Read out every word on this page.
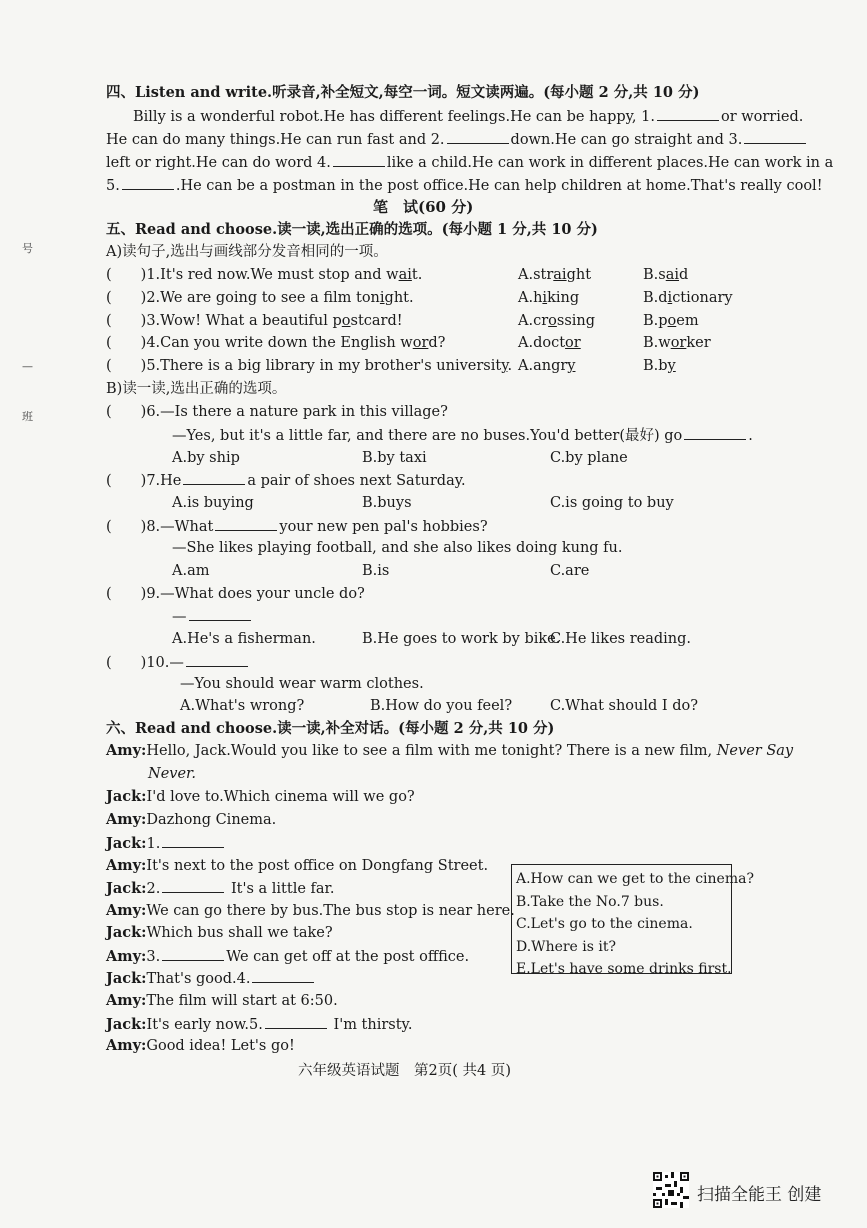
号
—
班
四、Listen and write.听录音,补全短文,每空一词。短文读两遍。(每小题 2 分,共 10 分)
Billy is a wonderful robot.He has different feelings.He can be happy, 1.	or worried.
He can do many things.He can run fast and 2.	down.He can go straight and 3.
left or right.He can do word 4.	like a child.He can work in different places.He can work in a
5.	.He can be a postman in the post office.He can help children at home.That's really cool!
笔　试(60 分)
五、Read and choose.读一读,选出正确的选项。(每小题 1 分,共 10 分)
A)读句子,选出与画线部分发音相同的一项。
(　　)1.It's red now.We must stop and wait.	A.straight	B.said
(　　)2.We are going to see a film tonight.	A.hiking	B.dictionary
(　　)3.Wow! What a beautiful postcard!	A.crossing	B.poem
(　　)4.Can you write down the English word?	A.doctor	B.worker
(　　)5.There is a big library in my brother's university. A.angry	B.by
B)读一读,选出正确的选项。
(　　)6.—Is there a nature park in this village?
—Yes, but it's a little far, and there are no buses.You'd better(最好) go	.
A.by ship	B.by taxi	C.by plane
(　　)7.He	a pair of shoes next Saturday.
A.is buying	B.buys	C.is going to buy
(　　)8.—What	your new pen pal's hobbies?
—She likes playing football, and she also likes doing kung fu.
A.am	B.is	C.are
(　　)9.—What does your uncle do?
—
A.He's a fisherman.	B.He goes to work by bike.
C.He likes reading.
(　　)10.—
—You should wear warm clothes.
A.What's wrong?	B.How do you feel?	C.What should I do?
六、Read and choose.读一读,补全对话。(每小题 2 分,共 10 分)
Amy:Hello, Jack.Would you like to see a film with me tonight? There is a new film, Never Say
Never.
Jack:I'd love to.Which cinema will we go?
Amy:Dazhong Cinema.
Jack:1.
Amy:It's next to the post office on Dongfang Street.
Jack:2.	It's a little far.
Amy:We can go there by bus.The bus stop is near here.
Jack:Which bus shall we take?
Amy:3.	We can get off at the post offfice.
Jack:That's good.4.
Amy:The film will start at 6:50.
Jack:It's early now.5.	I'm thirsty.
Amy:Good idea! Let's go!
A.How can we get to the cinema?
B.Take the No.7 bus.
C.Let's go to the cinema.
D.Where is it?
E.Let's have some drinks first.
六年级英语试题　第2页( 共4 页)
扫描全能王 创建
